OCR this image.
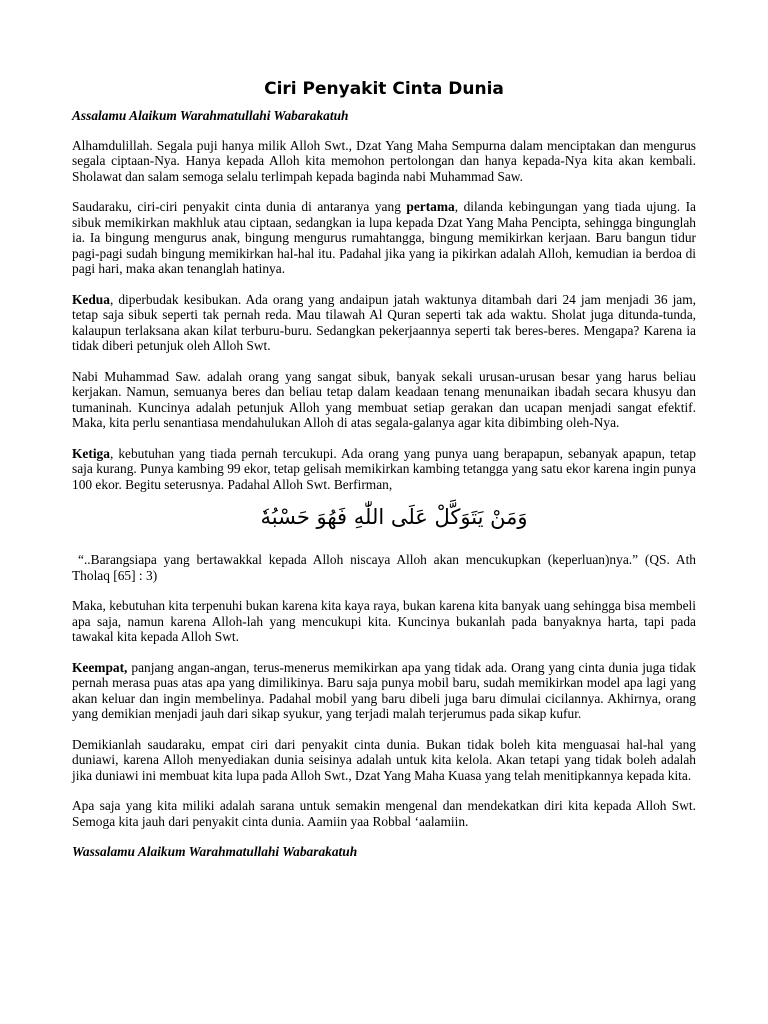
Ciri Penyakit Cinta Dunia

Assalamu Alaikum Warahmatullahi Wabarakatuh

Alhamdulillah. Segala puji hanya milik Alloh Swt., Dzat Yang Maha Sempurna dalam menciptakan dan mengurus segala ciptaan-Nya. Hanya kepada Alloh kita memohon pertolongan dan hanya kepada-Nya kita akan kembali. Sholawat dan salam semoga selalu terlimpah kepada baginda nabi Muhammad Saw.

Saudaraku, ciri-ciri penyakit cinta dunia di antaranya yang pertama, dilanda kebingungan yang tiada ujung. Ia sibuk memikirkan makhluk atau ciptaan, sedangkan ia lupa kepada Dzat Yang Maha Pencipta, sehingga bingunglah ia. Ia bingung mengurus anak, bingung mengurus rumahtangga, bingung memikirkan kerjaan. Baru bangun tidur pagi-pagi sudah bingung memikirkan hal-hal itu. Padahal jika yang ia pikirkan adalah Alloh, kemudian ia berdoa di pagi hari, maka akan tenanglah hatinya.

Kedua, diperbudak kesibukan. Ada orang yang andaipun jatah waktunya ditambah dari 24 jam menjadi 36 jam, tetap saja sibuk seperti tak pernah reda. Mau tilawah Al Quran seperti tak ada waktu. Sholat juga ditunda-tunda, kalaupun terlaksana akan kilat terburu-buru. Sedangkan pekerjaannya seperti tak beres-beres. Mengapa? Karena ia tidak diberi petunjuk oleh Alloh Swt.

Nabi Muhammad Saw. adalah orang yang sangat sibuk, banyak sekali urusan-urusan besar yang harus beliau kerjakan. Namun, semuanya beres dan beliau tetap dalam keadaan tenang menunaikan ibadah secara khusyu dan tumaninah. Kuncinya adalah petunjuk Alloh yang membuat setiap gerakan dan ucapan menjadi sangat efektif. Maka, kita perlu senantiasa mendahulukan Alloh di atas segala-galanya agar kita dibimbing oleh-Nya.

Ketiga, kebutuhan yang tiada pernah tercukupi. Ada orang yang punya uang berapapun, sebanyak apapun, tetap saja kurang. Punya kambing 99 ekor, tetap gelisah memikirkan kambing tetangga yang satu ekor karena ingin punya 100 ekor. Begitu seterusnya. Padahal Alloh Swt. Berfirman,

وَمَنْ يَتَوَكَّلْ عَلَى اللّٰهِ فَهُوَ حَسْبُهٗ

“..Barangsiapa yang bertawakkal kepada Alloh niscaya Alloh akan mencukupkan (keperluan)nya.” (QS. Ath Tholaq [65] : 3)

Maka, kebutuhan kita terpenuhi bukan karena kita kaya raya, bukan karena kita banyak uang sehingga bisa membeli apa saja, namun karena Alloh-lah yang mencukupi kita. Kuncinya bukanlah pada banyaknya harta, tapi pada tawakal kita kepada Alloh Swt.

Keempat, panjang angan-angan, terus-menerus memikirkan apa yang tidak ada. Orang yang cinta dunia juga tidak pernah merasa puas atas apa yang dimilikinya. Baru saja punya mobil baru, sudah memikirkan model apa lagi yang akan keluar dan ingin membelinya. Padahal mobil yang baru dibeli juga baru dimulai cicilannya. Akhirnya, orang yang demikian menjadi jauh dari sikap syukur, yang terjadi malah terjerumus pada sikap kufur.

Demikianlah saudaraku, empat ciri dari penyakit cinta dunia. Bukan tidak boleh kita menguasai hal-hal yang duniawi, karena Alloh menyediakan dunia seisinya adalah untuk kita kelola. Akan tetapi yang tidak boleh adalah jika duniawi ini membuat kita lupa pada Alloh Swt., Dzat Yang Maha Kuasa yang telah menitipkannya kepada kita.

Apa saja yang kita miliki adalah sarana untuk semakin mengenal dan mendekatkan diri kita kepada Alloh Swt. Semoga kita jauh dari penyakit cinta dunia. Aamiin yaa Robbal ‘aalamiin.

Wassalamu Alaikum Warahmatullahi Wabarakatuh
